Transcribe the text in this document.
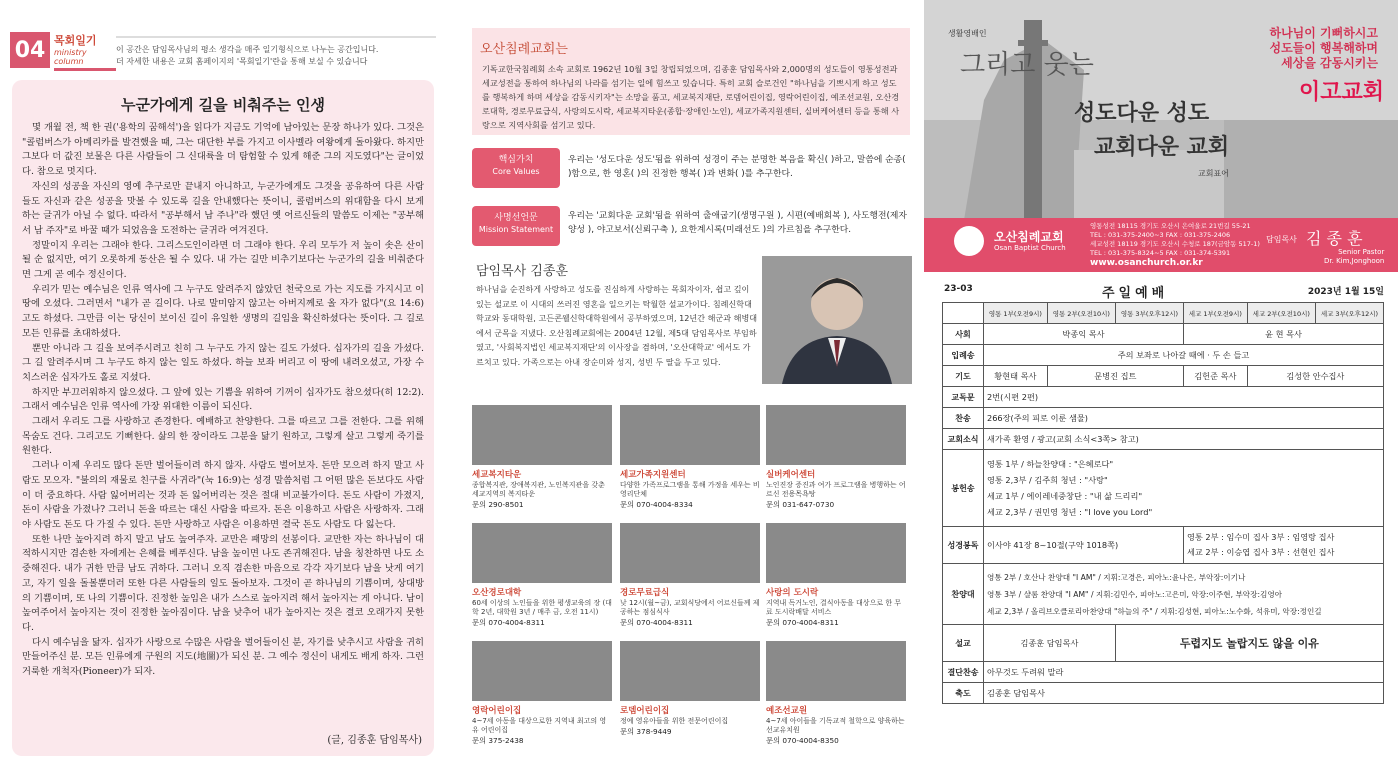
04 목회일기
ministry column
이 공간은 담임목사님의 평소 생각을 매주 일기형식으로 나누는 공간입니다.
더 자세한 내용은 교회 홈페이지의 '목회일기'란을 통해 보실 수 있습니다
누군가에게 길을 비춰주는 인생

몇 개월 전, 책 한 권('용학의 꿈해석')을 읽다가 지금도 기억에 남아있는 문장 하나가 있다. 그것은 "콜럼버스가 아메리카를 발견했을 때, 그는 대단한 부를 가지고 이사벨라 여왕에게 돌아왔다. 하지만 그보다 더 값진 보물은 다른 사람들이 그 신대륙을 더 탐험할 수 있게 해준 그의 지도였다"는 글이었다. 참으로 멋지다.

자신의 성공을 자신의 영예 추구로만 끝내지 아니하고, 누군가에게도 그것을 공유하여 다른 사람들도 자신과 같은 성공을 맛볼 수 있도록 길을 안내했다는 뜻이니, 콜럼버스의 위대함을 다시 보게 하는 글귀가 아닐 수 없다. 따라서 "공부해서 남 주나"라 했던 옛 어르신들의 말씀도 이제는 "공부해서 남 주자"로 바꿀 때가 되었음을 도전하는 글귀라 여겨진다.

정말이지 우리는 그래야 한다. 그리스도인이라면 더 그래야 한다. 우리 모두가 저 높이 솟은 산이 될 순 없지만, 여기 오롯하게 동산은 될 수 있다. 내 가는 길만 비추기보다는 누군가의 길을 비춰준다면 그게 곧 예수 정신이다.

우리가 믿는 예수님은 인류 역사에 그 누구도 알려주지 않았던 천국으로 가는 지도를 가지시고 이 땅에 오셨다. 그러면서 "내가 곧 길이다. 나로 말미암지 않고는 아버지께로 올 자가 없다"(요 14:6)고도 하셨다. 그만큼 이는 당신이 보이신 길이 유일한 생명의 길임을 확신하셨다는 뜻이다. 그 길로 모든 인류를 초대하셨다.

뿐만 아니라 그 길을 보여주시려고 친히 그 누구도 가지 않는 길도 가셨다. 십자가의 길을 가셨다. 그 길 알려주시며 그 누구도 하지 않는 일도 하셨다. 하늘 보좌 버리고 이 땅에 내려오셨고, 가장 수치스러운 십자가도 홀로 지셨다.

하지만 부끄러워하지 않으셨다. 그 앞에 있는 기쁨을 위하여 기꺼이 십자가도 참으셨다(히 12:2). 그래서 예수님은 인류 역사에 가장 위대한 이름이 되신다.

그래서 우리도 그를 사랑하고 존경한다. 예배하고 찬양한다. 그를 따르고 그를 전한다. 그를 위해 목숨도 건다. 그리고도 기뻐한다. 삶의 한 장이라도 그분을 닮기 원하고, 그렇게 살고 그렇게 죽기를 원한다.

그러나 이제 우리도 많다 돈만 벌어들이려 하지 않자. 사람도 벌어보자. 돈만 모으려 하지 말고 사람도 모으자. "불의의 재물로 친구를 사귀라"(눅 16:9)는 성경 말씀처럼 그 어떤 많은 돈보다도 사람이 더 중요하다. 사람 잃어버리는 것과 돈 잃어버리는 것은 절대 비교불가이다. 돈도 사람이 가졌지, 돈이 사람을 가졌나? 그러니 돈을 따르는 대신 사람을 따르자. 돈은 이용하고 사람은 사랑하자. 그래야 사람도 돈도 다 가질 수 있다. 돈만 사랑하고 사람은 이용하면 결국 돈도 사람도 다 잃는다.

또한 나만 높아지려 하지 말고 남도 높여주자. 교만은 패망의 선봉이다. 교만한 자는 하나님이 대적하시지만 겸손한 자에게는 은혜를 베푸신다. 남을 높이면 나도 존귀해진다. 남을 칭찬하면 나도 소중해진다. 내가 귀한 만큼 남도 귀하다. 그러니 오직 겸손한 마음으로 각각 자기보다 남을 낫게 여기고, 자기 일을 돌볼뿐더러 또한 다른 사람들의 일도 돌아보자. 그것이 곧 하나님의 기쁨이며, 상대방의 기쁨이며, 또 나의 기쁨이다. 진정한 높임은 내가 스스로 높아지려 해서 높아지는 게 아니다. 남이 높여주어서 높아지는 것이 진정한 높아짐이다. 남을 낮추어 내가 높아지는 것은 결코 오래가지 못한다.

다시 예수님을 닮자. 십자가 사랑으로 수많은 사람을 벌어들이신 분, 자기를 낮추시고 사람을 귀히 만들어주신 분. 모든 인류에게 구원의 지도(地圖)가 되신 분. 그 예수 정신이 내게도 배게 하자. 그런 거룩한 개척자(Pioneer)가 되자.

(글, 김종훈 담임목사)
오산침례교회는
기독교한국침례회 소속 교회로 1962년 10월 3일 창립되었으며, 김종훈 담임목사와 2,000명의 성도들이 영통성전과 세교성전을 통하여 하나님의 나라를 섬기는 일에 힘쓰고 있습니다. 특히 교회 슬로건인 "하나님을 기쁘시게 하고 성도를 행복하게 하며 세상을 감동시키자"는 소망을 품고, 세교복지재단, 로뎀어린이집, 영락어린이집, 예조선교원, 오산경로대학, 경로무료급식, 사랑의도시락, 세교복지타운(종합·장애인·노인), 세교가족지원센터, 실버케어센터 등을 통해 사랑으로 지역사회를 섬기고 있다.
핵심가치
Core Values
우리는 '성도다운 성도'됨을 위하여 성경이 주는 분명한 복음을 확신( )하고, 말씀에 순종( )함으로, 한 영혼( )의 진정한 행복( )과 변화( )를 추구한다.
사명선언문
Mission Statement
우리는 '교회다운 교회'됨을 위하여 출애굽기(생명구원 ), 시편(예배회복 ), 사도행전(제자양성 ), 야고보서(신뢰구축 ), 요한계시록(미래선도 )의 가르침을 추구한다.
담임목사 김종훈
하나님을 순진하게 사랑하고 성도를 진심하게 사랑하는 목회자이자, 쉽고 깊이 있는 설교로 이 시대의 쓰러진 영혼을 일으키는 탁월한 설교가이다. 침례신학대학교와 동대학원, 고든콘웰신학대학원에서 공부하였으며, 12년간 해군과 해병대에서 군목을 지냈다. 오산침례교회에는 2004년 12월, 제5대 담임목사로 부임하였고, '사회복지법인 세교복지재단'의 이사장을 겸하며, '오산대학교' 에서도 가르치고 있다. 가족으로는 아내 장순미와 성지, 성빈 두 딸을 두고 있다.
세교복지타운
종합복지관, 장애복지관, 노인복지관을 갖춘 세교지역의 복지타운
문의 290-8501
세교가족지원센터
다양한 가족프로그램을 통해 가정을 세우는 비영리단체
문의 070-4004-8334
실버케어센터
노인진장 증진과 여가 프로그램을 병행하는 어르신 전용목욕탕
문의 031-647-0730
오산경로대학
60세 이상의 노인들을 위한 평생교육의 장 (대학 2년, 대학원 3년 / 매주 금, 오전 11시)
문의 070-4004-8311
경로무료급식
낮 12시(월~금), 교회식당에서 어르신들께 제공하는 점심식사
문의 070-4004-8311
사랑의 도시락
지역내 독거노인, 결식아동을 대상으로 한 무료 도시락배달 서비스
문의 070-4004-8311
영락어린이집
4~7세 아동을 대상으로한 지역내 최고의 영유 어린이집
문의 375-2438
로뎀어린이집
정예 영유아들을 위한 전문어린이집
문의 378-9449
예조선교원
4~7세 아이들을 기독교적 철학으로 양육하는 선교유치원
문의 070-4004-8350
생활영배인
그리고 웃는
하나님이 기뻐하시고
성도들이 행복해하며
세상을 감동시키는
이고교회
성도다운 성도
교회다운 교회
교회표어
오산침례교회
Osan Baptist Church
영통성전 18115 경기도 오산시 은여울로 21번길 55-21
TEL : 031-375-2400~3 FAX : 031-375-2406
세교성전 18119 경기도 오산시 수청로 187(금암동 517-1)
TEL : 031-375-8324~5 FAX : 031-374-5391
www.osanchurch.or.kr
담임목사 김 종 훈
Senior Pastor
Dr. Kim,Jonghoon
23-03	주일예배	2023년 1월 15일
	영통 1부(오전9시)	영통 2부(오전10시)	영통 3부(오후12시)	세교 1부(오전9시)	세교 2부(오전10시)	세교 3부(오후12시)
사회	박종익 목사			윤 현 목사		
입례송	주의 보좌로 나아갈 때에 · 두 손 들고					
기도	황현태 목사	문병진 집트		김헌준 목사	김성한 안수집사	
교독문	2번(시편 2편)					
찬송	266장(주의 피로 이룬 샘물)					
교회소식	새가족 환영 / 광고(교회 소식<3쪽> 참고)					
봉헌송	영통 1부 / 하늘찬양대 : "은혜로다"
영통 2,3부 / 김주희 청년 : "사랑"
세교 1부 / 에이레네중창단 : "내 삶 드리리"
세교 2,3부 / 권민영 청년 : "I love you Lord"					

성경봉독	이사야 41장 8~10절(구약 1018쪽)			영통 2부 : 임수미 집사 3부 : 임영랑 집사
세교 2부 : 이승엽 집사 3부 : 선현인 집사		

찬양대	영통 2부 / 호산나 찬양대 "I AM" / 지휘:고경은, 피아노:윤나은, 부악장:이기나
영통 3부 / 샬롬 찬양대 "I AM" / 지휘:김민수, 피아노:고은미, 악장:이주현, 부악장:김영아
세교 2,3부 / 올리브오클로리아찬양대 "하늘의 주" / 지휘:김성현, 피아노:노수화, 석유미, 악장:정인길					

설교	김종훈 담임목사		두렵지도 놀랍지도 않을 이유			
결단찬송	아무것도 두려워 말라					
축도	김종훈 담임목사					
